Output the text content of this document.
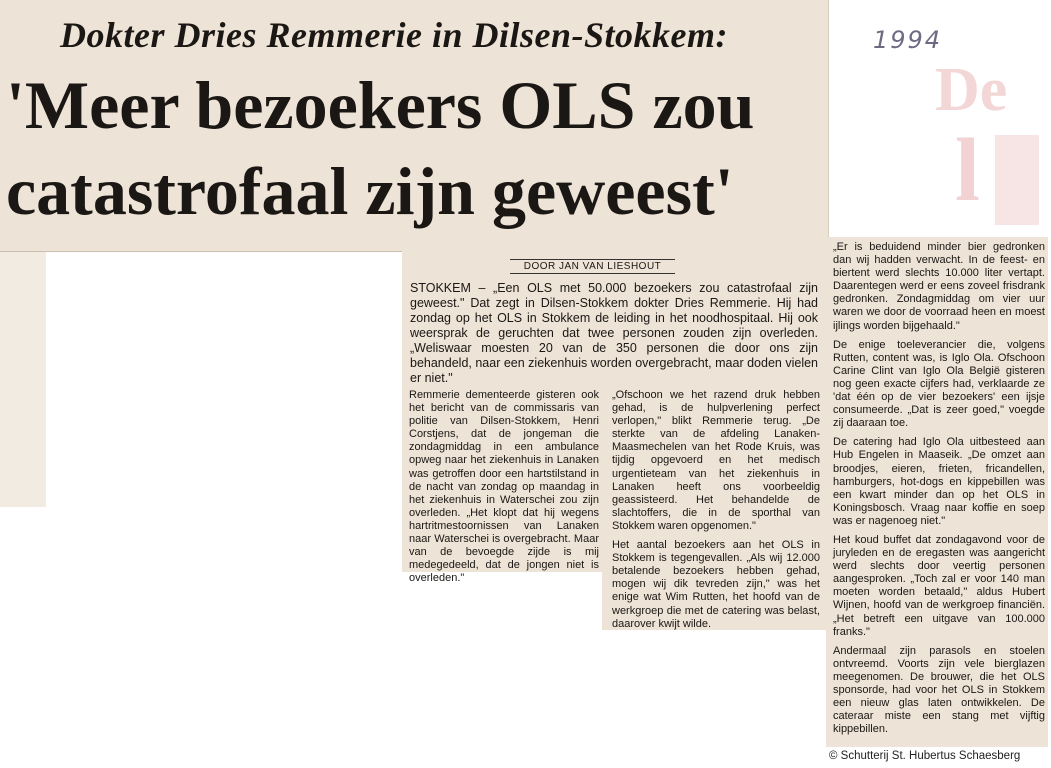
De
l
Dokter Dries Remmerie in Dilsen-Stokkem:
'Meer bezoekers OLS zou
catastrofaal zijn geweest'
1994
DOOR JAN VAN LIESHOUT
STOKKEM – „Een OLS met 50.000 bezoekers zou catastrofaal zijn geweest." Dat zegt in Dilsen-Stokkem dokter Dries Remmerie. Hij had zondag op het OLS in Stokkem de leiding in het noodhospitaal. Hij ook weersprak de geruchten dat twee personen zouden zijn overleden. „Weliswaar moesten 20 van de 350 personen die door ons zijn behandeld, naar een ziekenhuis worden overgebracht, maar doden vielen er niet."

Remmerie dementeerde gisteren ook het bericht van de commissaris van politie van Dilsen-Stokkem, Henri Corstjens, dat de jongeman die zondagmiddag in een ambulance opweg naar het ziekenhuis in Lanaken was getroffen door een hartstilstand in de nacht van zondag op maandag in het ziekenhuis in Waterschei zou zijn overleden. „Het klopt dat hij wegens hartritmestoornissen van Lanaken naar Waterschei is overgebracht. Maar van de bevoegde zijde is mij medegedeeld, dat de jongen niet is overleden."

„Ofschoon we het razend druk hebben gehad, is de hulpverlening perfect verlopen," blikt Remmerie terug. „De sterkte van de afdeling Lanaken-Maasmechelen van het Rode Kruis, was tijdig opgevoerd en het medisch urgentieteam van het ziekenhuis in Lanaken heeft ons voorbeeldig geassisteerd. Het behandelde de slachtoffers, die in de sporthal van Stokkem waren opgenomen."

Het aantal bezoekers aan het OLS in Stokkem is tegengevallen. „Als wij 12.000 betalende bezoekers hebben gehad, mogen wij dik tevreden zijn," was het enige wat Wim Rutten, het hoofd van de werkgroep die met de catering was belast, daarover kwijt wilde.

„Er is beduidend minder bier gedronken dan wij hadden verwacht. In de feest- en biertent werd slechts 10.000 liter vertapt. Daarentegen werd er eens zoveel frisdrank gedronken. Zondagmiddag om vier uur waren we door de voorraad heen en moest ijlings worden bijgehaald."

De enige toeleverancier die, volgens Rutten, content was, is Iglo Ola. Ofschoon Carine Clint van Iglo Ola België gisteren nog geen exacte cijfers had, verklaarde ze 'dat één op de vier bezoekers' een ijsje consumeerde. „Dat is zeer goed," voegde zij daaraan toe.

De catering had Iglo Ola uitbesteed aan Hub Engelen in Maaseik. „De omzet aan broodjes, eieren, frieten, fricandellen, hamburgers, hot-dogs en kippebillen was een kwart minder dan op het OLS in Koningsbosch. Vraag naar koffie en soep was er nagenoeg niet."

Het koud buffet dat zondagavond voor de juryleden en de eregasten was aangericht werd slechts door veertig personen aangesproken. „Toch zal er voor 140 man moeten worden betaald," aldus Hubert Wijnen, hoofd van de werkgroep financiën. „Het betreft een uitgave van 100.000 franks."

Andermaal zijn parasols en stoelen ontvreemd. Voorts zijn vele bierglazen meegenomen. De brouwer, die het OLS sponsorde, had voor het OLS in Stokkem een nieuw glas laten ontwikkelen. De cateraar miste een stang met vijftig kippebillen.

© Schutterij St. Hubertus Schaesberg
